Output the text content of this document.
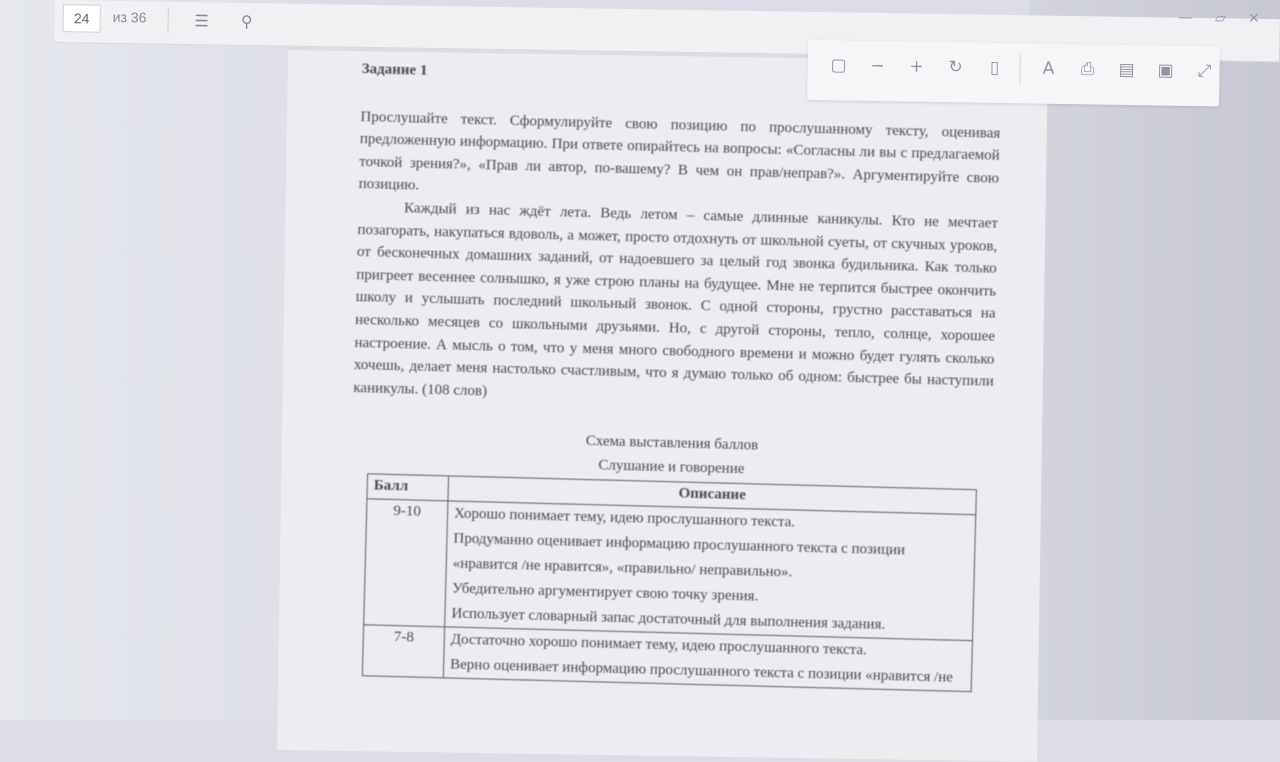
24	из 36	☰	⚲	— ▱ ✕
▢	−	+	↻	▯	A	⎙	▤ ▣	⤢
Задание 1

Прослушайте текст. Сформулируйте свою позицию по прослушанному тексту, оценивая предложенную информацию. При ответе опирайтесь на вопросы: «Согласны ли вы с предлагаемой точкой зрения?», «Прав ли автор, по-вашему? В чем он прав/неправ?». Аргументируйте свою позицию.

Каждый из нас ждёт лета. Ведь летом – самые длинные каникулы. Кто не мечтает позагорать, накупаться вдоволь, а может, просто отдохнуть от школьной суеты, от скучных уроков, от бесконечных домашних заданий, от надоевшего за целый год звонка будильника. Как только пригреет весеннее солнышко, я уже строю планы на будущее. Мне не терпится быстрее окончить школу и услышать последний школьный звонок. С одной стороны, грустно расставаться на несколько месяцев со школьными друзьями. Но, с другой стороны, тепло, солнце, хорошее настроение. А мысль о том, что у меня много свободного времени и можно будет гулять сколько хочешь, делает меня настолько счастливым, что я думаю только об одном: быстрее бы наступили каникулы. (108 слов)

Схема выставления баллов
Слушание и говорение
Балл	Описание
9-10	Хорошо понимает тему, идею прослушанного текста.
Продуманно оценивает информацию прослушанного текста с позиции
«нравится /не нравится», «правильно/ неправильно».
Убедительно аргументирует свою точку зрения.
Использует словарный запас достаточный для выполнения задания.

7-8	Достаточно хорошо понимает тему, идею прослушанного текста.
Верно оценивает информацию прослушанного текста с позиции «нравится /не
